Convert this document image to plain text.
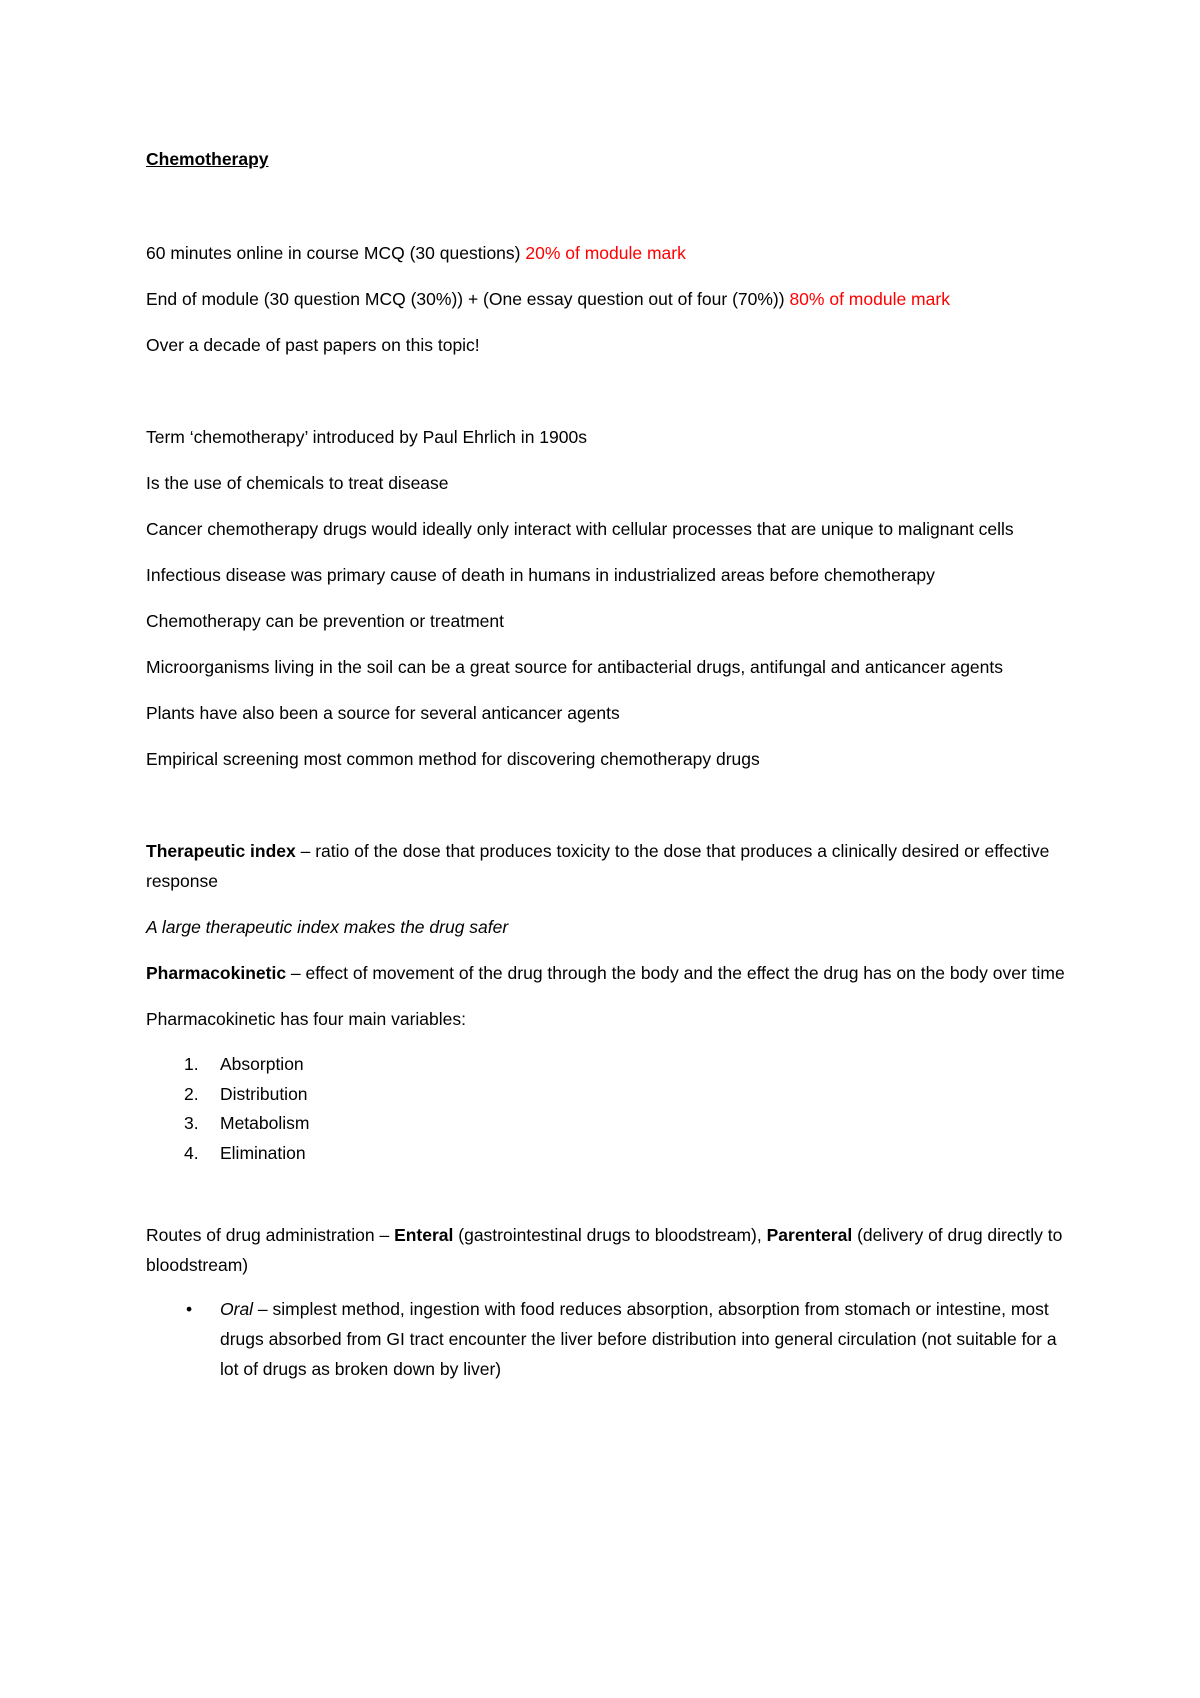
Chemotherapy

60 minutes online in course MCQ (30 questions) 20% of module mark

End of module (30 question MCQ (30%)) + (One essay question out of four (70%)) 80% of module mark

Over a decade of past papers on this topic!

Term ‘chemotherapy’ introduced by Paul Ehrlich in 1900s

Is the use of chemicals to treat disease

Cancer chemotherapy drugs would ideally only interact with cellular processes that are unique to malignant cells

Infectious disease was primary cause of death in humans in industrialized areas before chemotherapy

Chemotherapy can be prevention or treatment

Microorganisms living in the soil can be a great source for antibacterial drugs, antifungal and anticancer agents

Plants have also been a source for several anticancer agents

Empirical screening most common method for discovering chemotherapy drugs

Therapeutic index – ratio of the dose that produces toxicity to the dose that produces a clinically desired or effective response

A large therapeutic index makes the drug safer

Pharmacokinetic – effect of movement of the drug through the body and the effect the drug has on the body over time

Pharmacokinetic has four main variables:

1. Absorption
2. Distribution
3. Metabolism
4. Elimination

Routes of drug administration – Enteral (gastrointestinal drugs to bloodstream), Parenteral (delivery of drug directly to bloodstream)

• Oral – simplest method, ingestion with food reduces absorption, absorption from stomach or intestine, most drugs absorbed from GI tract encounter the liver before distribution into general circulation (not suitable for a lot of drugs as broken down by liver)
